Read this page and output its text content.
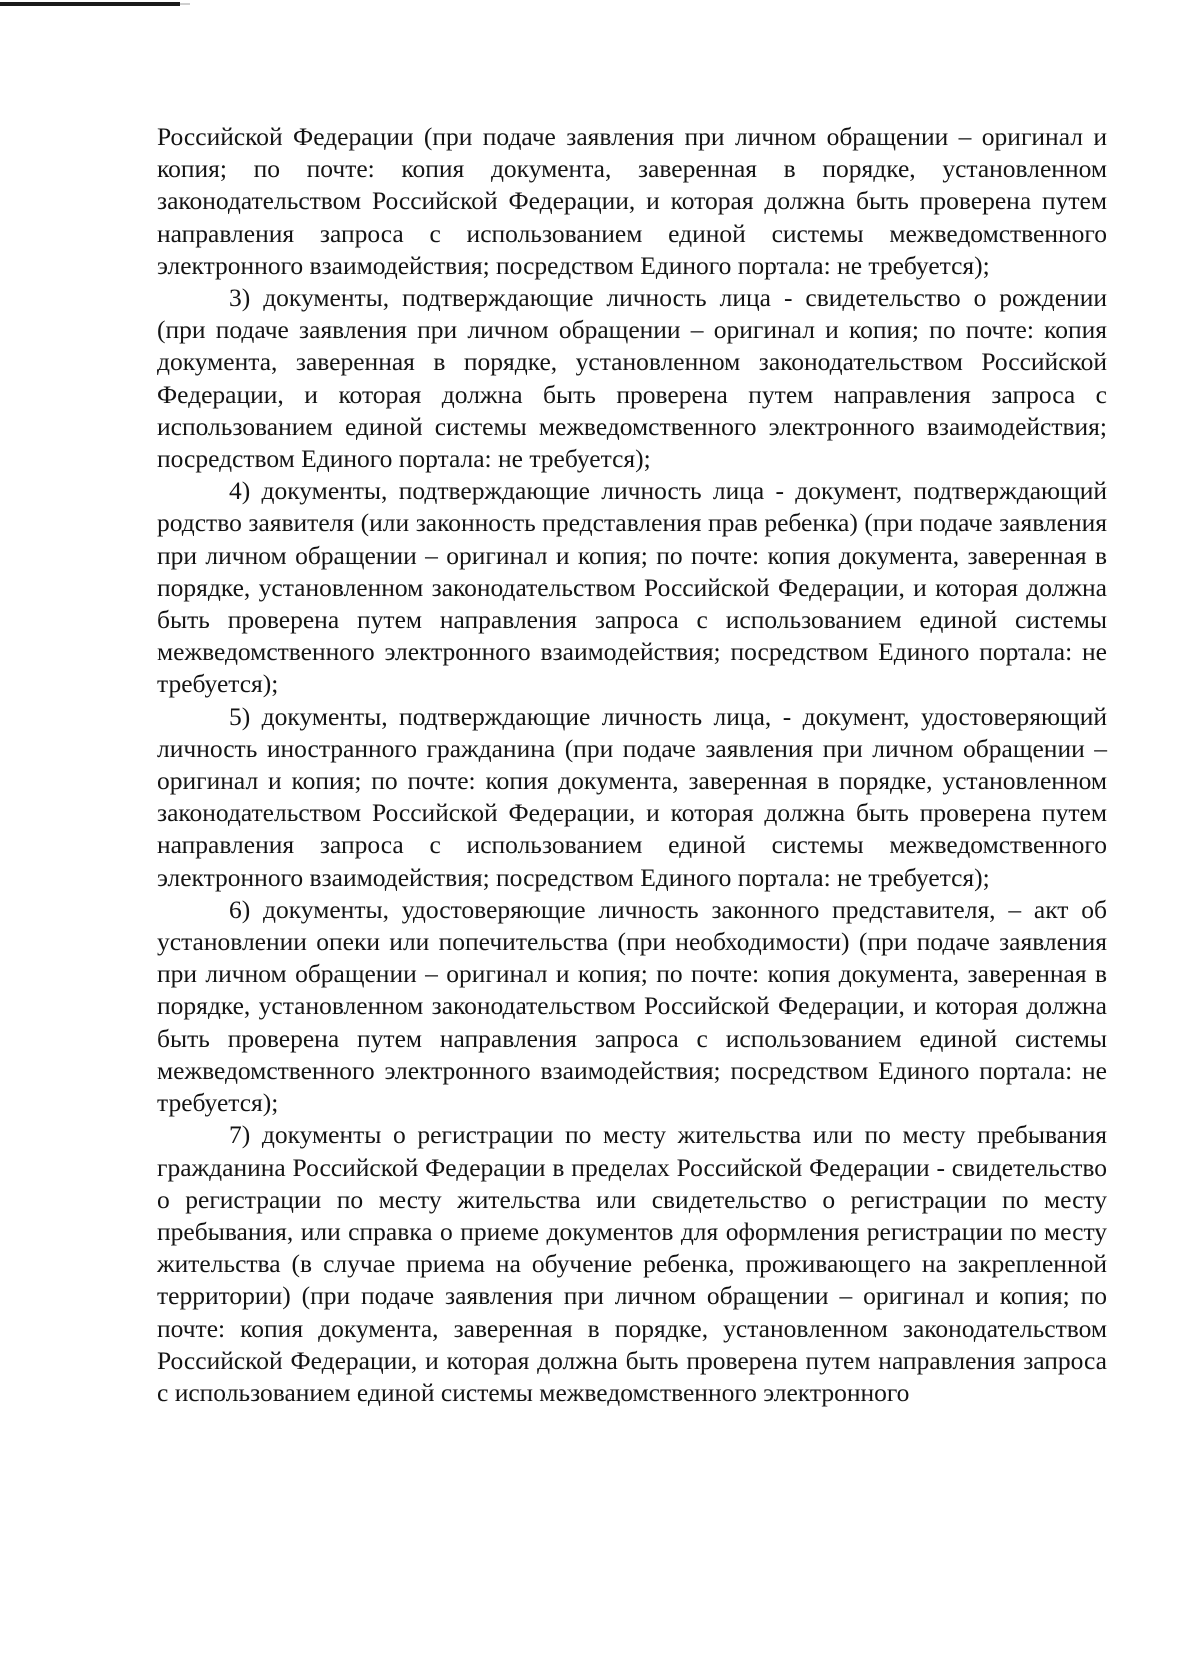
Российской Федерации (при подаче заявления при личном обращении – оригинал и копия; по почте: копия документа, заверенная в порядке, установленном законодательством Российской Федерации, и которая должна быть проверена путем направления запроса с использованием единой системы межведомственного электронного взаимодействия; посредством Единого портала: не требуется);

3) документы, подтверждающие личность лица - свидетельство о рождении (при подаче заявления при личном обращении – оригинал и копия; по почте: копия документа, заверенная в порядке, установленном законодательством Российской Федерации, и которая должна быть проверена путем направления запроса с использованием единой системы межведомственного электронного взаимодействия; посредством Единого портала: не требуется);

4) документы, подтверждающие личность лица - документ, подтверждающий родство заявителя (или законность представления прав ребенка) (при подаче заявления при личном обращении – оригинал и копия; по почте: копия документа, заверенная в порядке, установленном законодательством Российской Федерации, и которая должна быть проверена путем направления запроса с использованием единой системы межведомственного электронного взаимодействия; посредством Единого портала: не требуется);

5) документы, подтверждающие личность лица, - документ, удостоверяющий личность иностранного гражданина (при подаче заявления при личном обращении – оригинал и копия; по почте: копия документа, заверенная в порядке, установленном законодательством Российской Федерации, и которая должна быть проверена путем направления запроса с использованием единой системы межведомственного электронного взаимодействия; посредством Единого портала: не требуется);

6) документы, удостоверяющие личность законного представителя, – акт об установлении опеки или попечительства (при необходимости) (при подаче заявления при личном обращении – оригинал и копия; по почте: копия документа, заверенная в порядке, установленном законодательством Российской Федерации, и которая должна быть проверена путем направления запроса с использованием единой системы межведомственного электронного взаимодействия; посредством Единого портала: не требуется);

7) документы о регистрации по месту жительства или по месту пребывания гражданина Российской Федерации в пределах Российской Федерации - свидетельство о регистрации по месту жительства или свидетельство о регистрации по месту пребывания, или справка о приеме документов для оформления регистрации по месту жительства (в случае приема на обучение ребенка, проживающего на закрепленной территории) (при подаче заявления при личном обращении – оригинал и копия; по почте: копия документа, заверенная в порядке, установленном законодательством Российской Федерации, и которая должна быть проверена путем направления запроса с использованием единой системы межведомственного электронного
